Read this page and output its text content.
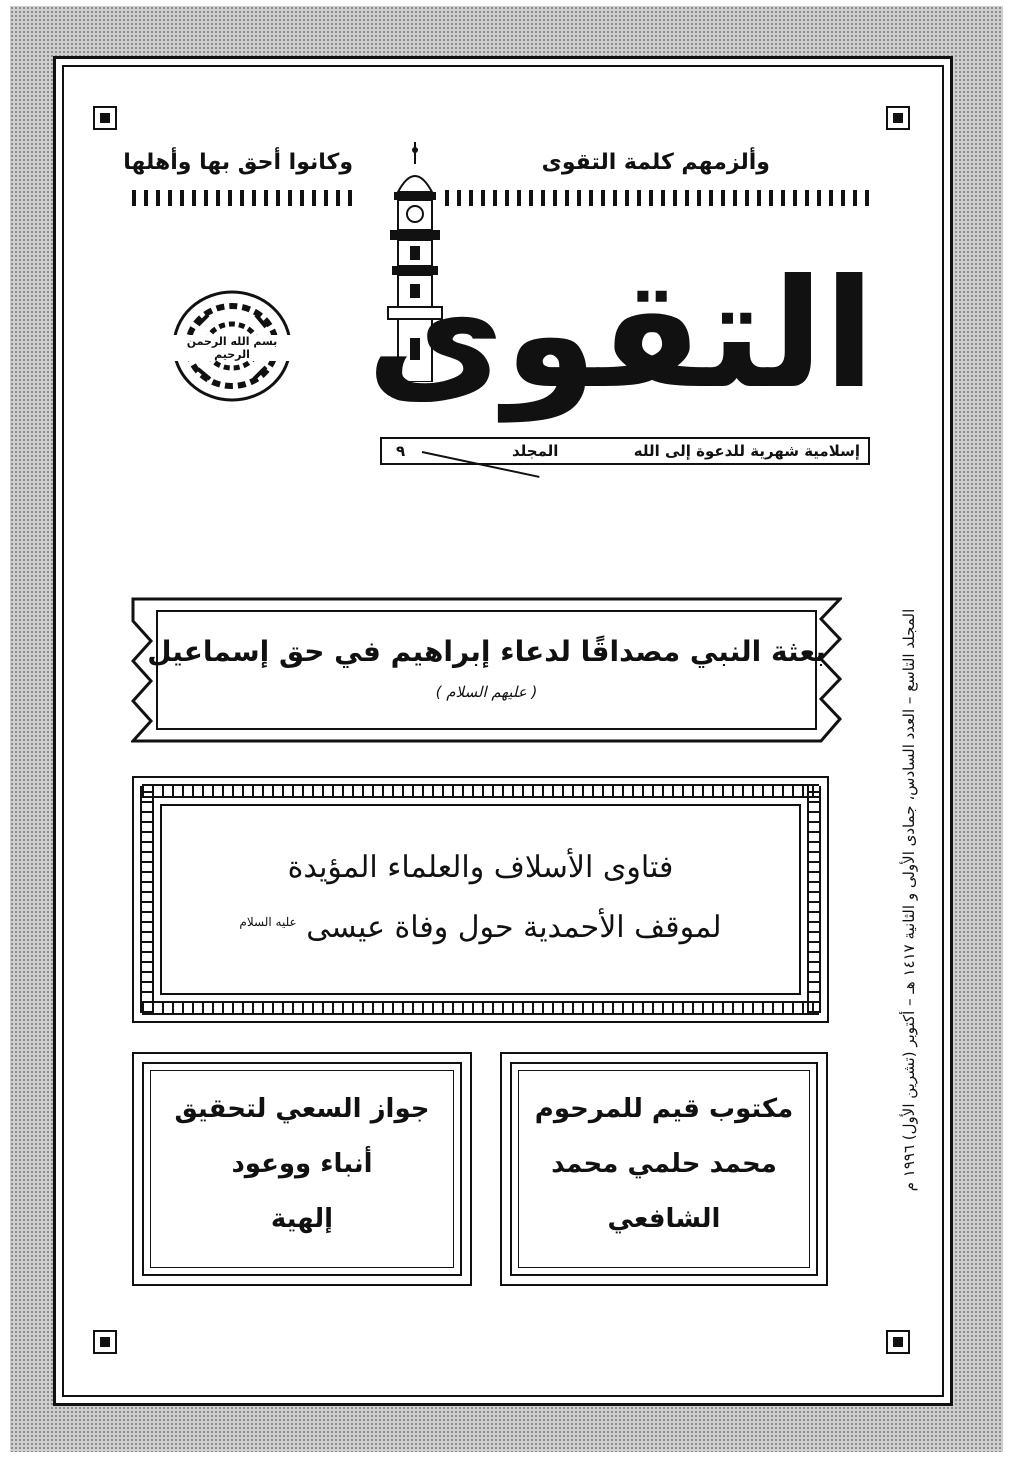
وألزمهم كلمة التقوى
وكانوا أحق بها وأهلها
التقوى
إسلامية شهرية للدعوة إلى الله
المجلد
٩
بسم الله الرحمن الرحيم
المجلد التاسع – العدد السادس، جمادى الأولى و الثانية ١٤١٧ هـ – أكتوبر (تشرين الأول) ١٩٩٦ م
بعثة النبي مصداقًا لدعاء إبراهيم في حق إسماعيل
( عليهم السلام )
فتاوى الأسلاف والعلماء المؤيدة
لموقف الأحمدية حول وفاة عيسى $^{عليه السلام}$
مكتوب قيم للمرحوم
محمد حلمي محمد
الشافعي
جواز السعي لتحقيق
أنباء ووعود
إلهية
